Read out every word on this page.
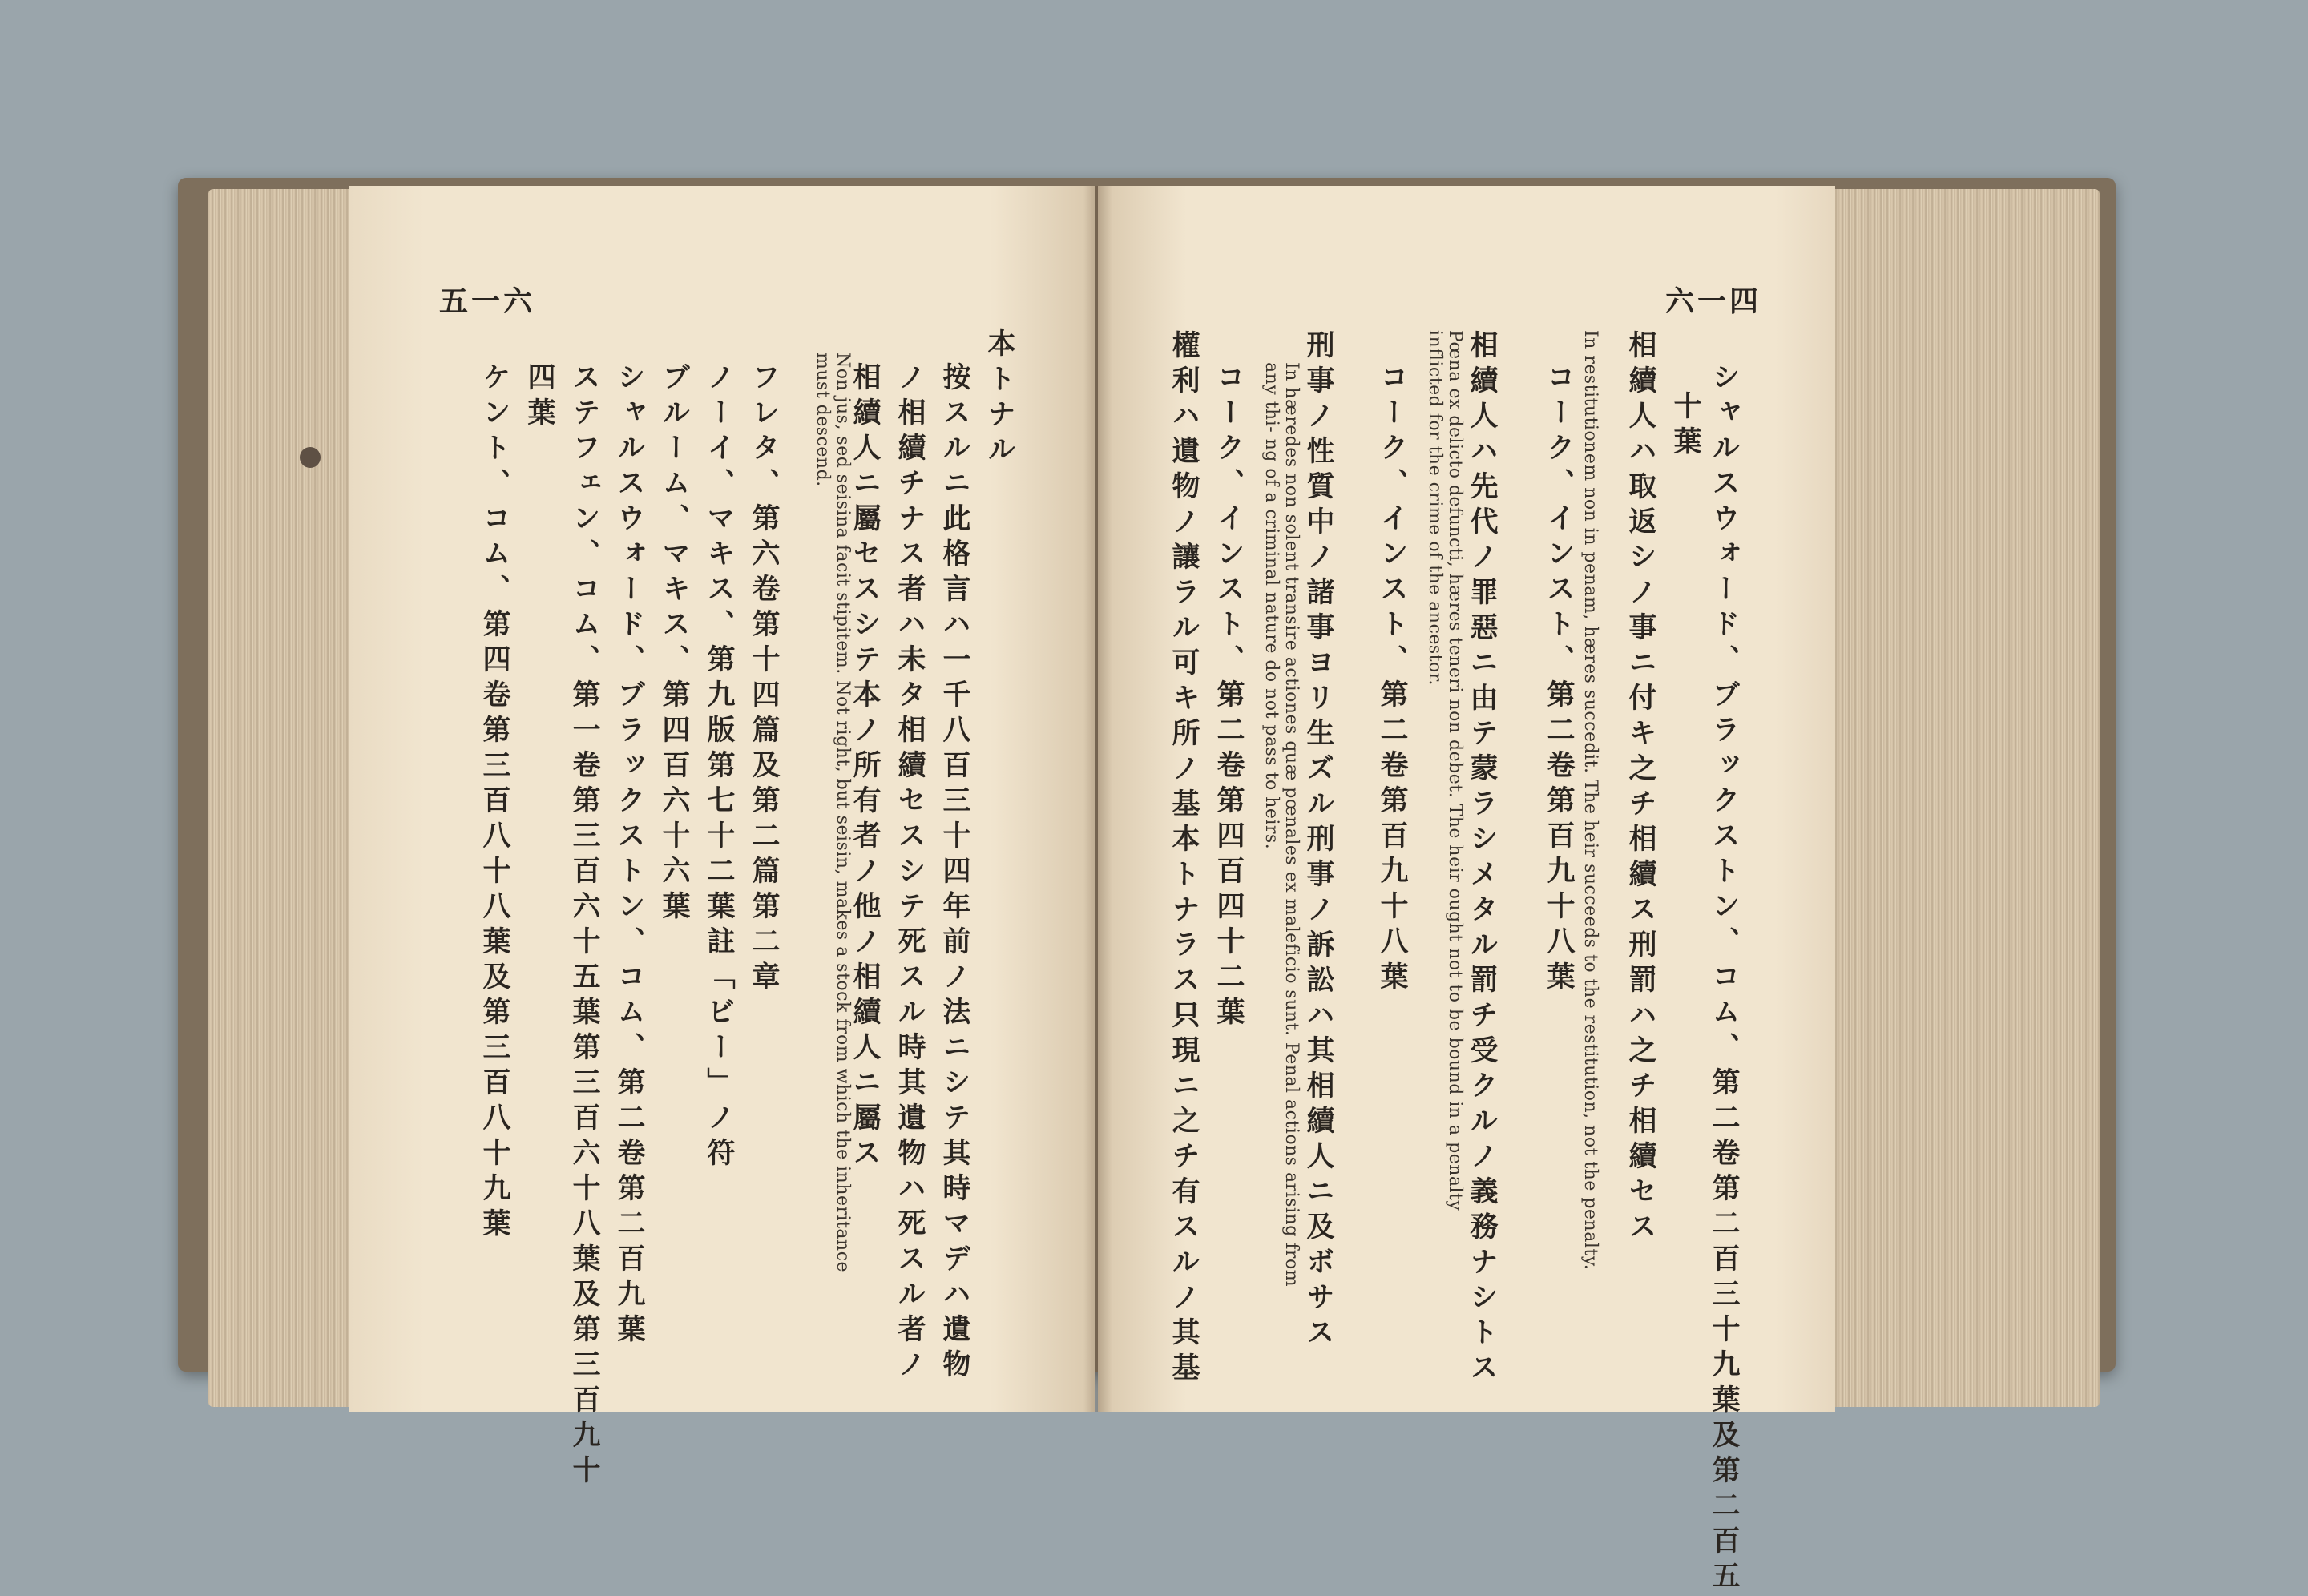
五一六
本トナル
按スルニ此格言ハ一千八百三十四年前ノ法ニシテ其時マデハ遺物
ノ相續チナス者ハ未タ相續セスシテ死スル時其遺物ハ死スル者ノ
相續人ニ屬セスシテ本ノ所有者ノ他ノ相續人ニ屬ス
Non jus, sed seisina facit stipitem. Not right, but seisin, makes a stock from which the inheritance must descend.
フレタ、第六卷第十四篇及第二篇第二章
ノーイ、マキス、第九版第七十二葉註「ビー」ノ符
ブルーム、マキス、第四百六十六葉
シャルスウォード、ブラックストン、コム、第二卷第二百九葉
四葉 ステフェン、コム、第一卷第三百六十五葉第三百六十八葉及第三百九十
ケント、コム、第四卷第三百八十八葉及第三百八十九葉
六一四
シャルスウォード、ブラックストン、コム、第二卷第二百三十九葉及第二百五
十葉
相續人ハ取返シノ事ニ付キ之チ相續ス刑罰ハ之チ相續セス
In restitutionem non in penam, hæres succedit. The heir succeeds to the restitution, not the penalty.
コーク、インスト、第二卷第百九十八葉
Pœna ex delicto defuncti, hæres teneri non debet. The heir ought not to be bound in a penalty inflicted for the crime of the ancestor. 相續人ハ先代ノ罪惡ニ由テ蒙ラシメタル罰チ受クルノ義務ナシトス
コーク、インスト、第二卷第百九十八葉
In hæredes non solent transire actiones quæ pœnales ex maleficio sunt. Penal actions arising from any thi- ng of a criminal nature do not pass to heirs. 刑事ノ性質中ノ諸事ヨリ生ズル刑事ノ訴訟ハ其相續人ニ及ボサス
コーク、インスト、第二卷第四百四十二葉
權利ハ遺物ノ讓ラル可キ所ノ基本トナラス只現ニ之チ有スルノ其基
